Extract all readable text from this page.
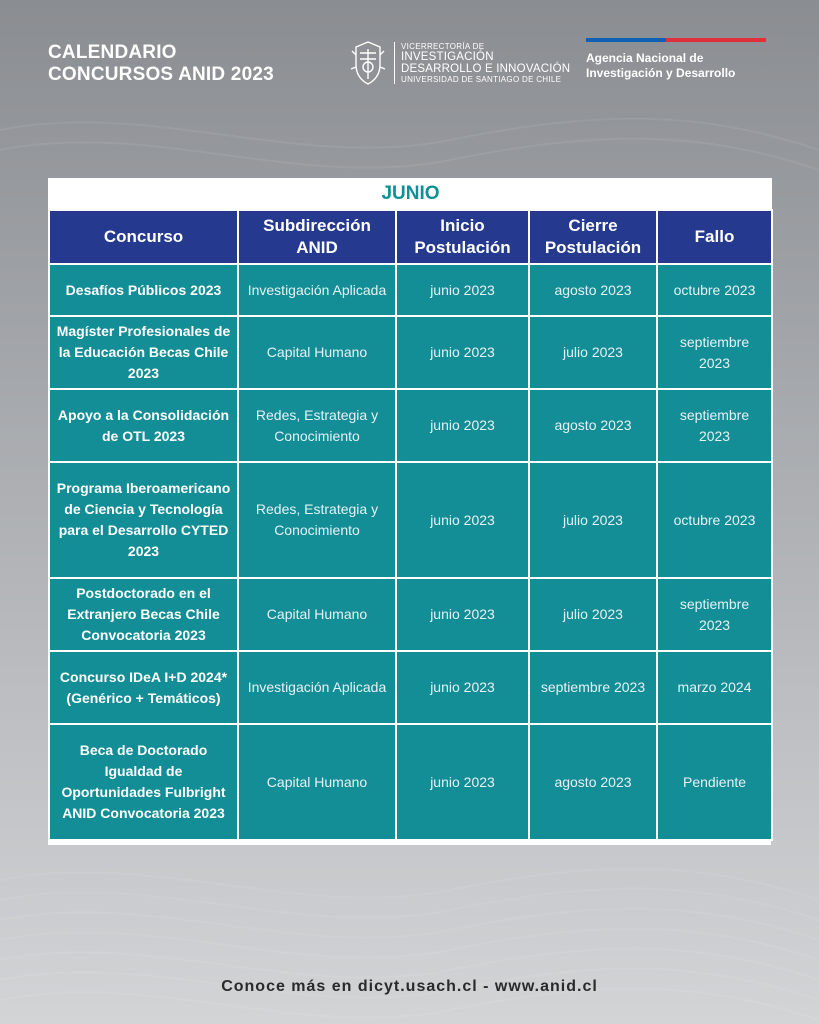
CALENDARIO
CONCURSOS ANID 2023
VICERRECTORÍA DE
INVESTIGACIÓN
DESARROLLO E INNOVACIÓN
UNIVERSIDAD DE SANTIAGO DE CHILE
Agencia Nacional de
Investigación y Desarrollo
JUNIO				
Concurso	Subdirección ANID	Inicio Postulación	Cierre Postulación	Fallo
Desafíos Públicos 2023	Investigación Aplicada	junio 2023	agosto 2023	octubre 2023
Magíster Profesionales de la Educación Becas Chile 2023	Capital Humano	junio 2023	julio 2023	septiembre 2023
Apoyo a la Consolidación de OTL 2023	Redes, Estrategia y Conocimiento	junio 2023	agosto 2023	septiembre 2023
Programa Iberoamericano de Ciencia y Tecnología para el Desarrollo CYTED 2023	Redes, Estrategia y Conocimiento	junio 2023	julio 2023	octubre 2023
Postdoctorado en el Extranjero Becas Chile Convocatoria 2023	Capital Humano	junio 2023	julio 2023	septiembre 2023
Concurso IDeA I+D 2024* (Genérico + Temáticos)	Investigación Aplicada	junio 2023	septiembre 2023	marzo 2024
Beca de Doctorado Igualdad de Oportunidades Fulbright ANID Convocatoria 2023	Capital Humano	junio 2023	agosto 2023	Pendiente
Conoce más en dicyt.usach.cl - www.anid.cl
